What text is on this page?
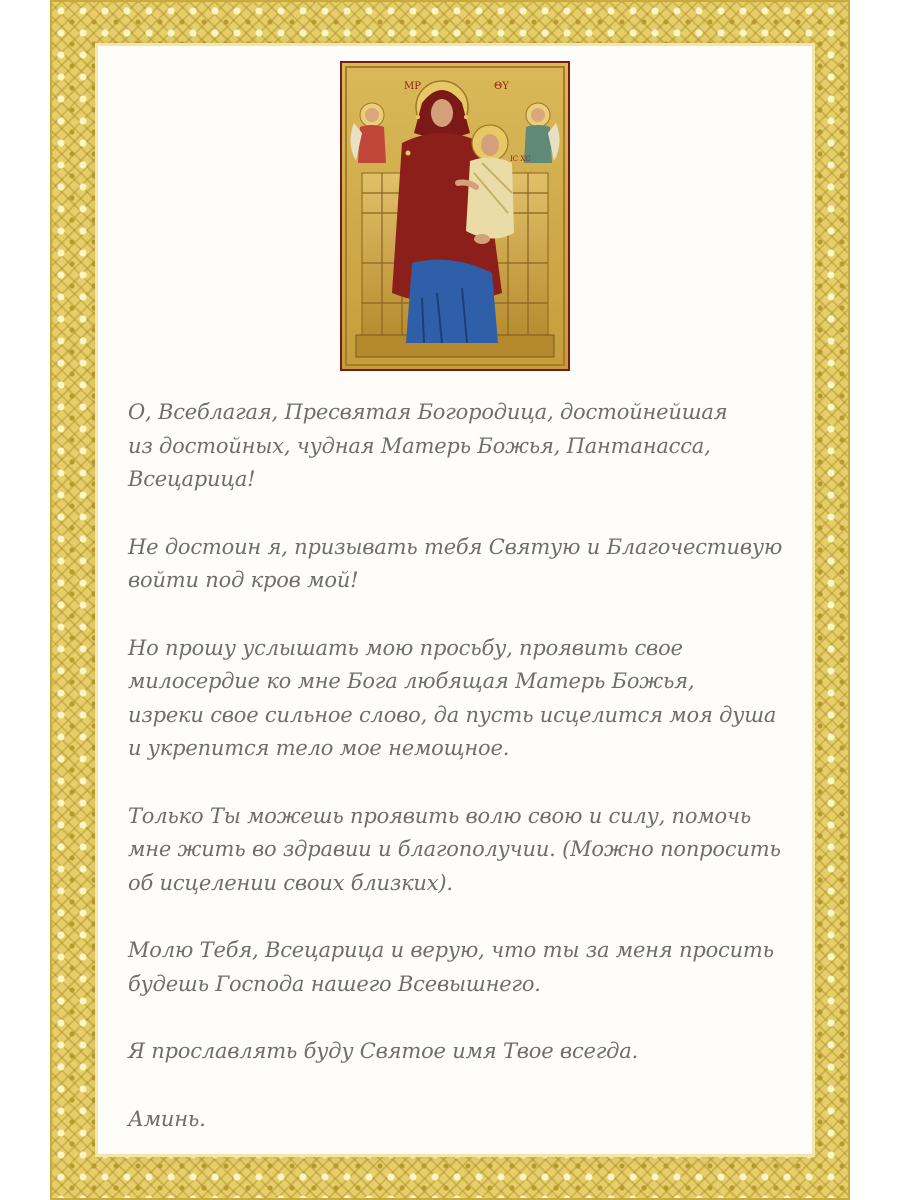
МР	ΘΥ
IC XC

О, Всеблагая, Пресвятая Богородица, достойнейшая
из достойных, чудная Матерь Божья, Пантанасса,
Всецарица!

Не достоин я, призывать тебя Святую и Благочестивую
войти под кров мой!

Но прошу услышать мою просьбу, проявить свое
милосердие ко мне Бога любящая Матерь Божья,
изреки свое сильное слово, да пусть исцелится моя душа
и укрепится тело мое немощное.

Только Ты можешь проявить волю свою и силу, помочь
мне жить во здравии и благополучии. (Можно попросить
об исцелении своих близких).

Молю Тебя, Всецарица и верую, что ты за меня просить
будешь Господа нашего Всевышнего.

Я прославлять буду Святое имя Твое всегда.

Аминь.
